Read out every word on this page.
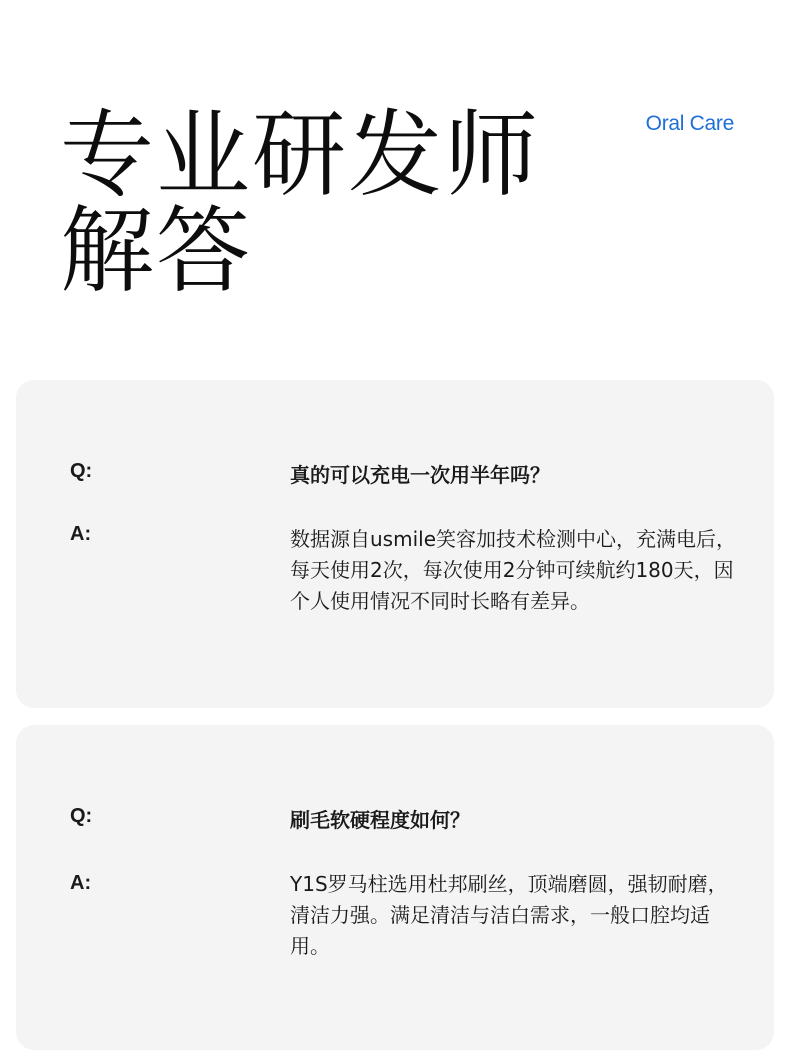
专业研发师
解答
Oral Care
Q:	真的可以充电一次用半年吗？
A:	数据源自usmile笑容加技术检测中心，充满电后，每天使用2次，每次使用2分钟可续航约180天，因个人使用情况不同时长略有差异。
Q:	刷毛软硬程度如何？
A:	Y1S罗马柱选用杜邦刷丝，顶端磨圆，强韧耐磨，清洁力强。满足清洁与洁白需求，一般口腔均适用。
